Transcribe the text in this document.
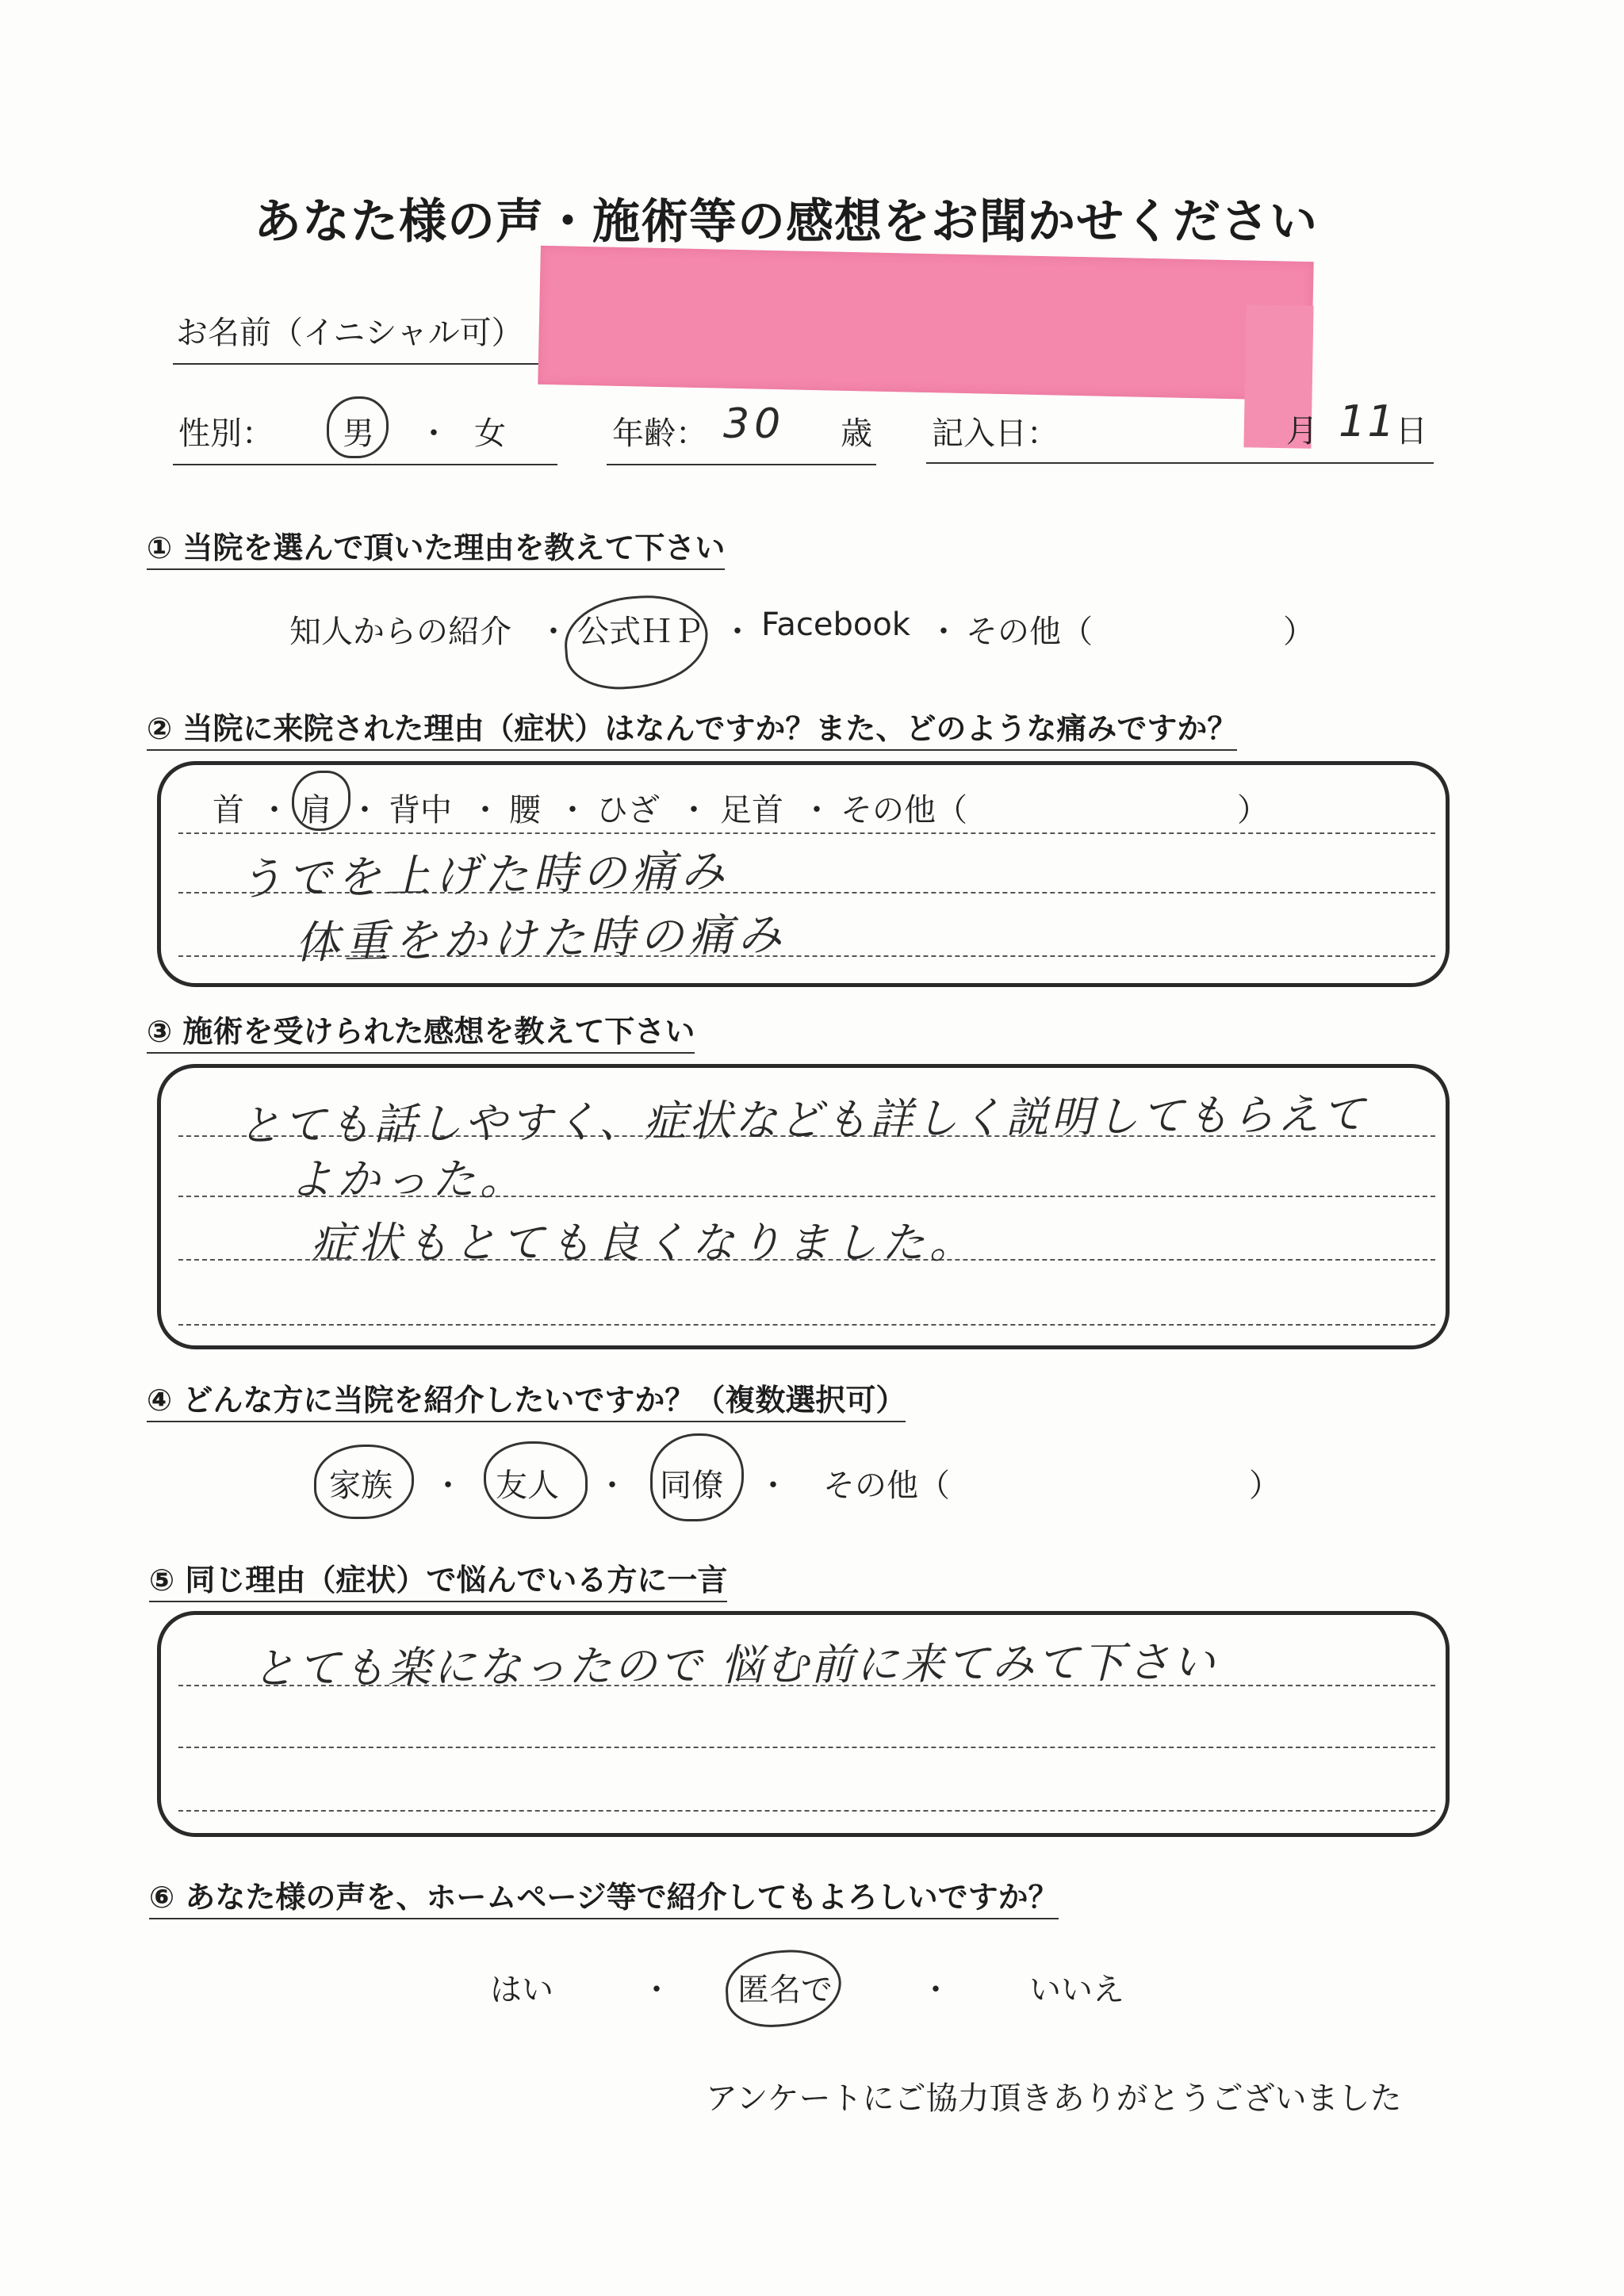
あなた様の声・施術等の感想をお聞かせください
お名前（イニシャル可）
性別： 男 ・ 女	年齢： 30 歳 記入日：	月 11 日
① 当院を選んで頂いた理由を教えて下さい
知人からの紹介 ・ 公式ＨＰ ・ Facebook ・ その他（	）
② 当院に来院された理由（症状）はなんですか？また、どのような痛みですか？
首 ・ 肩 ・ 背中 ・ 腰 ・ ひざ ・ 足首 ・ その他（	）
うでを上げた時の痛み
体重をかけた時の痛み
③ 施術を受けられた感想を教えて下さい
とても話しやすく、症状なども詳しく説明してもらえて
よかった。
症状もとても良くなりました。
④ どんな方に当院を紹介したいですか？（複数選択可）
家族 ・ 友人 ・ 同僚 ・ その他（	）
⑤ 同じ理由（症状）で悩んでいる方に一言
とても楽になったので 悩む前に来てみて下さい
⑥ あなた様の声を、ホームページ等で紹介してもよろしいですか？
はい	・ 匿名で	・ いいえ
アンケートにご協力頂きありがとうございました
